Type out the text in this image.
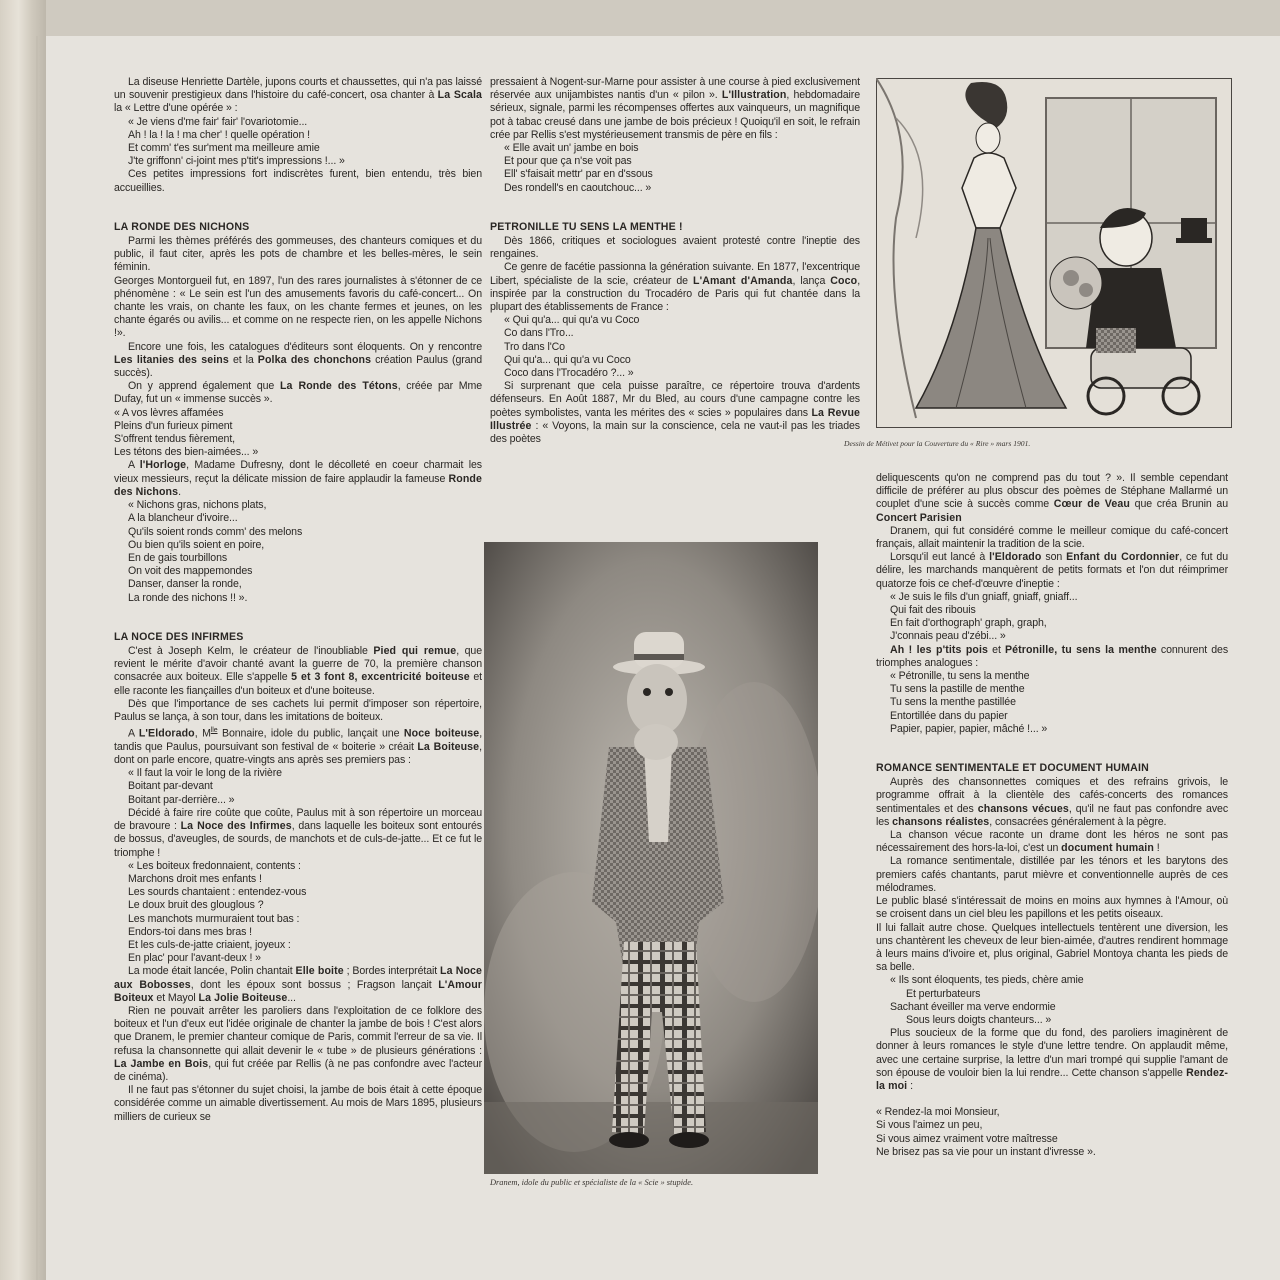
La diseuse Henriette Dartèle, jupons courts et chaussettes, qui n'a pas laissé un souvenir prestigieux dans l'histoire du café-concert, osa chanter à La Scala la « Lettre d'une opérée » :

« Je viens d'me fair' fair' l'ovariotomie...

Ah ! la ! la ! ma cher' ! quelle opération !

Et comm' t'es sur'ment ma meilleure amie

J'te griffonn' ci-joint mes p'tit's impressions !... »

Ces petites impressions fort indiscrètes furent, bien entendu, très bien accueillies.

LA RONDE DES NICHONS

Parmi les thèmes préférés des gommeuses, des chanteurs comiques et du public, il faut citer, après les pots de chambre et les belles-mères, le sein féminin.

Georges Montorgueil fut, en 1897, l'un des rares journalistes à s'étonner de ce phénomène : « Le sein est l'un des amusements favoris du café-concert... On chante les vrais, on chante les faux, on les chante fermes et jeunes, on les chante égarés ou avilis... et comme on ne respecte rien, on les appelle Nichons !».

Encore une fois, les catalogues d'éditeurs sont éloquents. On y rencontre Les litanies des seins et la Polka des chonchons création Paulus (grand succès).

On y apprend également que La Ronde des Tétons, créée par Mme Dufay, fut un « immense succès ».

« A vos lèvres affamées

Pleins d'un furieux piment

S'offrent tendus fièrement,

Les tétons des bien-aimées... »

A l'Horloge, Madame Dufresny, dont le décolleté en coeur charmait les vieux messieurs, reçut la délicate mission de faire applaudir la fameuse Ronde des Nichons.

« Nichons gras, nichons plats,

A la blancheur d'ivoire...

Qu'ils soient ronds comm' des melons

Ou bien qu'ils soient en poire,

En de gais tourbillons

On voit des mappemondes

Danser, danser la ronde,

La ronde des nichons !! ».

LA NOCE DES INFIRMES

C'est à Joseph Kelm, le créateur de l'inoubliable Pied qui remue, que revient le mérite d'avoir chanté avant la guerre de 70, la première chanson consacrée aux boiteux. Elle s'appelle 5 et 3 font 8, excentricité boiteuse et elle raconte les fiançailles d'un boiteux et d'une boiteuse.

Dès que l'importance de ses cachets lui permit d'imposer son répertoire, Paulus se lança, à son tour, dans les imitations de boiteux.

A L'Eldorado, $M^{lle}$ Bonnaire, idole du public, lançait une Noce boiteuse, tandis que Paulus, poursuivant son festival de « boiterie » créait La Boiteuse, dont on parle encore, quatre-vingts ans après ses premiers pas :

« Il faut la voir le long de la rivière

Boitant par-devant

Boitant par-derrière... »

Décidé à faire rire coûte que coûte, Paulus mit à son répertoire un morceau de bravoure : La Noce des Infirmes, dans laquelle les boiteux sont entourés de bossus, d'aveugles, de sourds, de manchots et de culs-de-jatte... Et ce fut le triomphe !

« Les boiteux fredonnaient, contents :

Marchons droit mes enfants !

Les sourds chantaient : entendez-vous

Le doux bruit des glouglous ?

Les manchots murmuraient tout bas :

Endors-toi dans mes bras !

Et les culs-de-jatte criaient, joyeux :

En plac' pour l'avant-deux ! »

La mode était lancée, Polin chantait Elle boite ; Bordes interprétait La Noce aux Bobosses, dont les époux sont bossus ; Fragson lançait L'Amour Boiteux et Mayol La Jolie Boiteuse...

Rien ne pouvait arrêter les paroliers dans l'exploitation de ce folklore des boiteux et l'un d'eux eut l'idée originale de chanter la jambe de bois ! C'est alors que Dranem, le premier chanteur comique de Paris, commit l'erreur de sa vie. Il refusa la chansonnette qui allait devenir le « tube » de plusieurs générations : La Jambe en Bois, qui fut créée par Rellis (à ne pas confondre avec l'acteur de cinéma).

Il ne faut pas s'étonner du sujet choisi, la jambe de bois était à cette époque considérée comme un aimable divertissement. Au mois de Mars 1895, plusieurs milliers de curieux se

pressaient à Nogent-sur-Marne pour assister à une course à pied exclusivement réservée aux unijambistes nantis d'un « pilon ». L'Illustration, hebdomadaire sérieux, signale, parmi les récompenses offertes aux vainqueurs, un magnifique pot à tabac creusé dans une jambe de bois précieux ! Quoiqu'il en soit, le refrain crée par Rellis s'est mystérieusement transmis de père en fils :

« Elle avait un' jambe en bois

Et pour que ça n'se voit pas

Ell' s'faisait mettr' par en d'ssous

Des rondell's en caoutchouc... »

PETRONILLE TU SENS LA MENTHE !

Dès 1866, critiques et sociologues avaient protesté contre l'ineptie des rengaines.

Ce genre de facétie passionna la génération suivante. En 1877, l'excentrique Libert, spécialiste de la scie, créateur de L'Amant d'Amanda, lança Coco, inspirée par la construction du Trocadéro de Paris qui fut chantée dans la plupart des établissements de France :

« Qui qu'a... qui qu'a vu Coco

Co dans l'Tro...

Tro dans l'Co

Qui qu'a... qui qu'a vu Coco

Coco dans l'Trocadéro ?... »

Si surprenant que cela puisse paraître, ce répertoire trouva d'ardents défenseurs. En Août 1887, Mr du Bled, au cours d'une campagne contre les poètes symbolistes, vanta les mérites des « scies » populaires dans La Revue Illustrée : « Voyons, la main sur la conscience, cela ne vaut-il pas les triades des poètes

Dranem, idole du public et spécialiste de la « Scie » stupide.
Dessin de Métivet pour la Couverture du « Rire » mars 1901.

deliquescents qu'on ne comprend pas du tout ? ». Il semble cependant difficile de préférer au plus obscur des poèmes de Stéphane Mallarmé un couplet d'une scie à succès comme Cœur de Veau que créa Brunin au Concert Parisien

Dranem, qui fut considéré comme le meilleur comique du café-concert français, allait maintenir la tradition de la scie.

Lorsqu'il eut lancé à l'Eldorado son Enfant du Cordonnier, ce fut du délire, les marchands manquèrent de petits formats et l'on dut réimprimer quatorze fois ce chef-d'œuvre d'ineptie :

« Je suis le fils d'un gniaff, gniaff, gniaff...

Qui fait des ribouis

En fait d'orthograph' graph, graph,

J'connais peau d'zébi... »

Ah ! les p'tits pois et Pétronille, tu sens la menthe connurent des triomphes analogues :

« Pétronille, tu sens la menthe

Tu sens la pastille de menthe

Tu sens la menthe pastillée

Entortillée dans du papier

Papier, papier, papier, mâché !... »

ROMANCE SENTIMENTALE ET DOCUMENT HUMAIN

Auprès des chansonnettes comiques et des refrains grivois, le programme offrait à la clientèle des cafés-concerts des romances sentimentales et des chansons vécues, qu'il ne faut pas confondre avec les chansons réalistes, consacrées généralement à la pègre.

La chanson vécue raconte un drame dont les héros ne sont pas nécessairement des hors-la-loi, c'est un document humain !

La romance sentimentale, distillée par les ténors et les barytons des premiers cafés chantants, parut mièvre et conventionnelle auprès de ces mélodrames.

Le public blasé s'intéressait de moins en moins aux hymnes à l'Amour, où se croisent dans un ciel bleu les papillons et les petits oiseaux.

Il lui fallait autre chose. Quelques intellectuels tentèrent une diversion, les uns chantèrent les cheveux de leur bien-aimée, d'autres rendirent hommage à leurs mains d'ivoire et, plus original, Gabriel Montoya chanta les pieds de sa belle.

« Ils sont éloquents, tes pieds, chère amie

Et perturbateurs

Sachant éveiller ma verve endormie

Sous leurs doigts chanteurs... »

Plus soucieux de la forme que du fond, des paroliers imaginèrent de donner à leurs romances le style d'une lettre tendre. On applaudit même, avec une certaine surprise, la lettre d'un mari trompé qui supplie l'amant de son épouse de vouloir bien la lui rendre... Cette chanson s'appelle Rendez-la moi :

« Rendez-la moi Monsieur,

Si vous l'aimez un peu,

Si vous aimez vraiment votre maîtresse

Ne brisez pas sa vie pour un instant d'ivresse ».
